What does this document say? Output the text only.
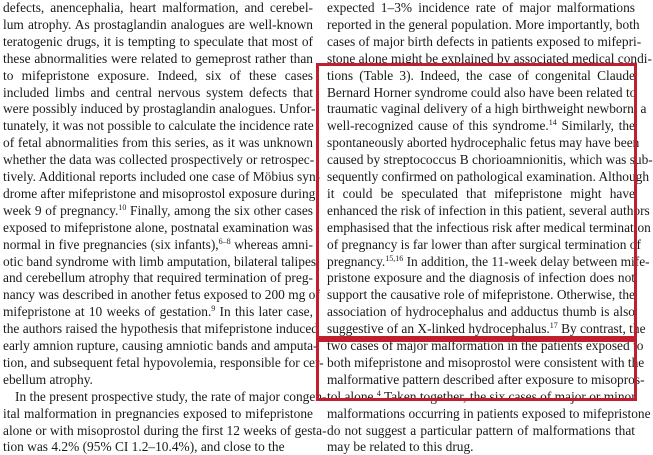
defects, anencephalia, heart malformation, and cerebel-
lum atrophy. As prostaglandin analogues are well-known
teratogenic drugs, it is tempting to speculate that most of
these abnormalities were related to gemeprost rather than
to mifepristone exposure. Indeed, six of these cases
included limbs and central nervous system defects that
were possibly induced by prostaglandin analogues. Unfor-
tunately, it was not possible to calculate the incidence rate
of fetal abnormalities from this series, as it was unknown
whether the data was collected prospectively or retrospec-
tively. Additional reports included one case of Möbius syn-
drome after mifepristone and misoprostol exposure during
week 9 of pregnancy.$^{10}$ Finally, among the six other cases
exposed to mifepristone alone, postnatal examination was
normal in five pregnancies (six infants),$^{6-8}$ whereas amni-
otic band syndrome with limb amputation, bilateral talipes
and cerebellum atrophy that required termination of preg-
nancy was described in another fetus exposed to 200 mg of
mifepristone at 10 weeks of gestation.$^9$ In this later case,
the authors raised the hypothesis that mifepristone induced
early amnion rupture, causing amniotic bands and amputa-
tion, and subsequent fetal hypovolemia, responsible for cer-
ebellum atrophy.
In the present prospective study, the rate of major congen-
ital malformation in pregnancies exposed to mifepristone
alone or with misoprostol during the first 12 weeks of gesta-
tion was 4.2% (95% CI 1.2–10.4%), and close to the
expected 1–3% incidence rate of major malformations
reported in the general population. More importantly, both
cases of major birth defects in patients exposed to mifepri-
stone alone might be explained by associated medical condi-
tions (Table 3). Indeed, the case of congenital Claude
Bernard Horner syndrome could also have been related to
traumatic vaginal delivery of a high birthweight newborn, a
well-recognized cause of this syndrome.$^{14}$ Similarly, the
spontaneously aborted hydrocephalic fetus may have been
caused by streptococcus B chorioamnionitis, which was sub-
sequently confirmed on pathological examination. Although
it could be speculated that mifepristone might have
enhanced the risk of infection in this patient, several authors
emphasised that the infectious risk after medical termination
of pregnancy is far lower than after surgical termination of
pregnancy.$^{15,16}$ In addition, the 11-week delay between mife-
pristone exposure and the diagnosis of infection does not
support the causative role of mifepristone. Otherwise, the
association of hydrocephalus and adductus thumb is also
suggestive of an X-linked hydrocephalus.$^{17}$ By contrast, the
two cases of major malformation in the patients exposed to
both mifepristone and misoprostol were consistent with the
malformative pattern described after exposure to misopros-
tol alone.$^4$ Taken together, the six cases of major or minor
malformations occurring in patients exposed to mifepristone
do not suggest a particular pattern of malformations that
may be related to this drug.
